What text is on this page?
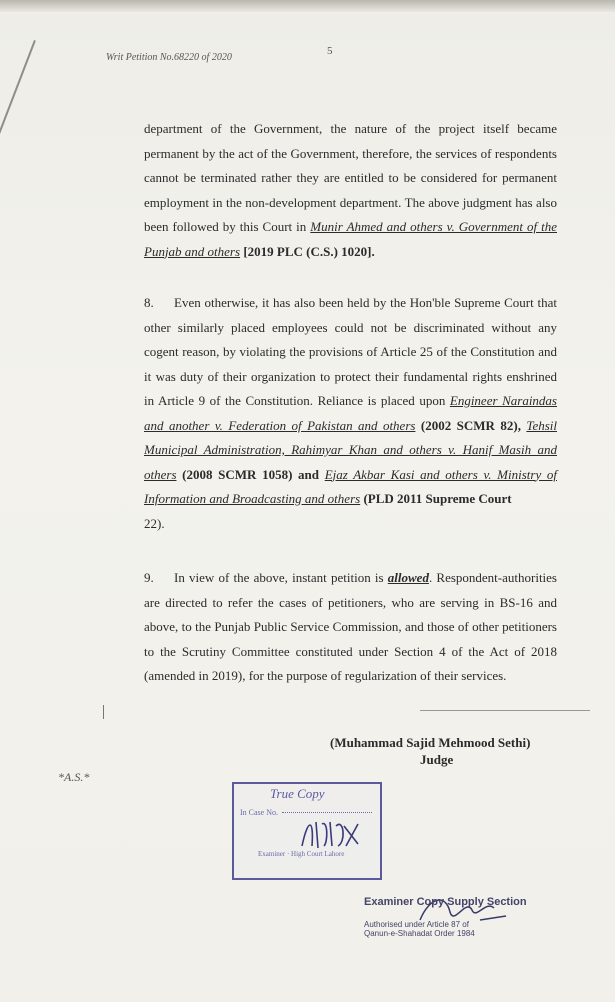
Writ Petition No.68220 of 2020
5
department of the Government, the nature of the project itself became permanent by the act of the Government, therefore, the services of respondents cannot be terminated rather they are entitled to be considered for permanent employment in the non-development department. The above judgment has also been followed by this Court in Munir Ahmed and others v. Government of the Punjab and others [2019 PLC (C.S.) 1020].
8. Even otherwise, it has also been held by the Hon'ble Supreme Court that other similarly placed employees could not be discriminated without any cogent reason, by violating the provisions of Article 25 of the Constitution and it was duty of their organization to protect their fundamental rights enshrined in Article 9 of the Constitution. Reliance is placed upon Engineer Naraindas and another v. Federation of Pakistan and others (2002 SCMR 82), Tehsil Municipal Administration, Rahimyar Khan and others v. Hanif Masih and others (2008 SCMR 1058) and Ejaz Akbar Kasi and others v. Ministry of Information and Broadcasting and others (PLD 2011 Supreme Court
22).
9. In view of the above, instant petition is allowed. Respondent-authorities are directed to refer the cases of petitioners, who are serving in BS-16 and above, to the Punjab Public Service Commission, and those of other petitioners to the Scrutiny Committee constituted under Section 4 of the Act of 2018 (amended in 2019), for the purpose of regularization of their services.
(Muhammad Sajid Mehmood Sethi)
Judge
*A.S.*
True Copy
In Case No.
Examiner · High Court Lahore
Examiner Copy Supply Section
Authorised under Article 87 of
Qanun-e-Shahadat Order 1984
